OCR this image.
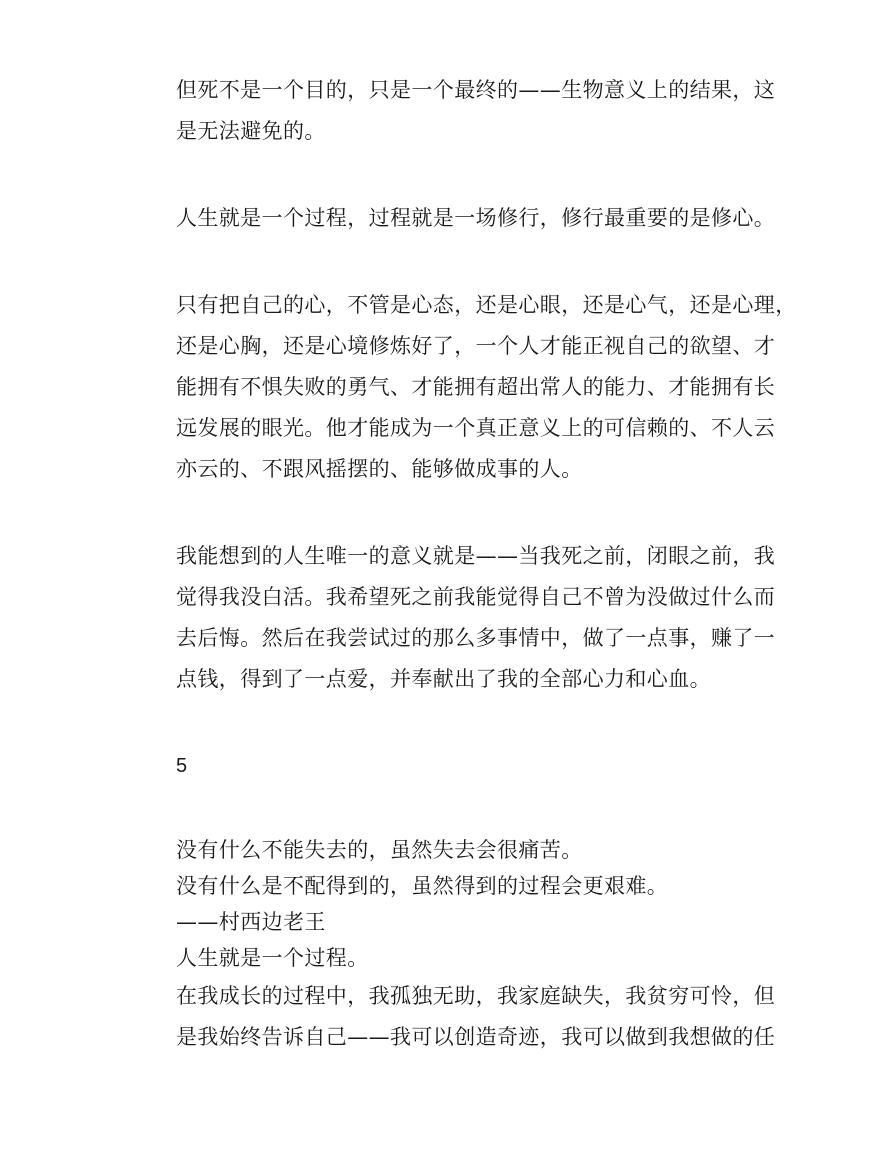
但死不是一个目的，只是一个最终的——生物意义上的结果，这
是无法避免的。

人生就是一个过程，过程就是一场修行，修行最重要的是修心。

只有把自己的心，不管是心态，还是心眼，还是心气，还是心理，
还是心胸，还是心境修炼好了，一个人才能正视自己的欲望、才
能拥有不惧失败的勇气、才能拥有超出常人的能力、才能拥有长
远发展的眼光。他才能成为一个真正意义上的可信赖的、不人云
亦云的、不跟风摇摆的、能够做成事的人。

我能想到的人生唯一的意义就是——当我死之前，闭眼之前，我
觉得我没白活。我希望死之前我能觉得自己不曾为没做过什么而
去后悔。然后在我尝试过的那么多事情中，做了一点事，赚了一
点钱，得到了一点爱，并奉献出了我的全部心力和心血。

5

没有什么不能失去的，虽然失去会很痛苦。
没有什么是不配得到的，虽然得到的过程会更艰难。
——村西边老王
人生就是一个过程。

在我成长的过程中，我孤独无助，我家庭缺失，我贫穷可怜，但
是我始终告诉自己——我可以创造奇迹，我可以做到我想做的任
